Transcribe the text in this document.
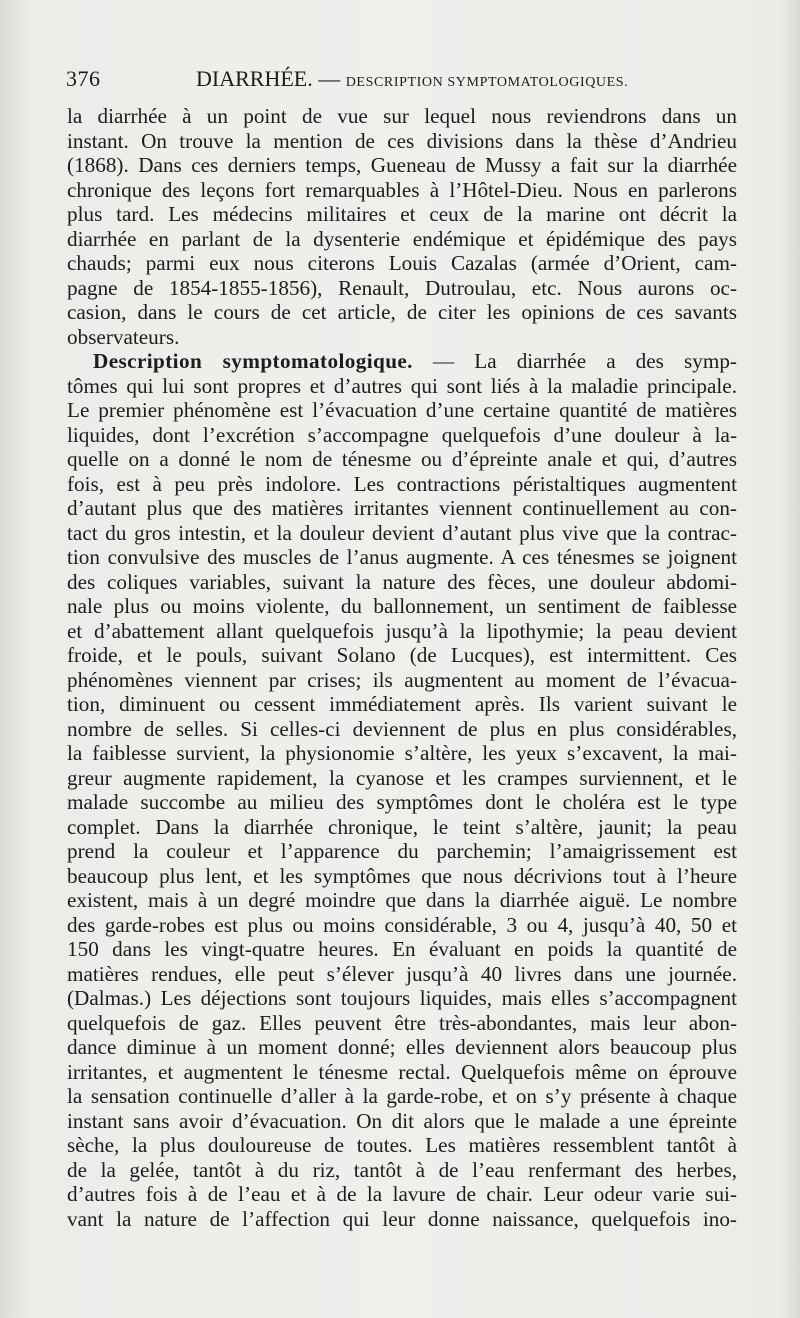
376	DIARRHÉE. — DESCRIPTION SYMPTOMATOLOGIQUES.
la diarrhée à un point de vue sur lequel nous reviendrons dans un
instant. On trouve la mention de ces divisions dans la thèse d’Andrieu
(1868). Dans ces derniers temps, Gueneau de Mussy a fait sur la diarrhée
chronique des leçons fort remarquables à l’Hôtel-Dieu. Nous en parlerons
plus tard. Les médecins militaires et ceux de la marine ont décrit la
diarrhée en parlant de la dysenterie endémique et épidémique des pays
chauds; parmi eux nous citerons Louis Cazalas (armée d’Orient, cam-
pagne de 1854-1855-1856), Renault, Dutroulau, etc. Nous aurons oc-
casion, dans le cours de cet article, de citer les opinions de ces savants
observateurs.
Description symptomatologique. — La diarrhée a des symp-
tômes qui lui sont propres et d’autres qui sont liés à la maladie principale.
Le premier phénomène est l’évacuation d’une certaine quantité de matières
liquides, dont l’excrétion s’accompagne quelquefois d’une douleur à la-
quelle on a donné le nom de ténesme ou d’épreinte anale et qui, d’autres
fois, est à peu près indolore. Les contractions péristaltiques augmentent
d’autant plus que des matières irritantes viennent continuellement au con-
tact du gros intestin, et la douleur devient d’autant plus vive que la contrac-
tion convulsive des muscles de l’anus augmente. A ces ténesmes se joignent
des coliques variables, suivant la nature des fèces, une douleur abdomi-
nale plus ou moins violente, du ballonnement, un sentiment de faiblesse
et d’abattement allant quelquefois jusqu’à la lipothymie; la peau devient
froide, et le pouls, suivant Solano (de Lucques), est intermittent. Ces
phénomènes viennent par crises; ils augmentent au moment de l’évacua-
tion, diminuent ou cessent immédiatement après. Ils varient suivant le
nombre de selles. Si celles-ci deviennent de plus en plus considérables,
la faiblesse survient, la physionomie s’altère, les yeux s’excavent, la mai-
greur augmente rapidement, la cyanose et les crampes surviennent, et le
malade succombe au milieu des symptômes dont le choléra est le type
complet. Dans la diarrhée chronique, le teint s’altère, jaunit; la peau
prend la couleur et l’apparence du parchemin; l’amaigrissement est
beaucoup plus lent, et les symptômes que nous décrivions tout à l’heure
existent, mais à un degré moindre que dans la diarrhée aiguë. Le nombre
des garde-robes est plus ou moins considérable, 3 ou 4, jusqu’à 40, 50 et
150 dans les vingt-quatre heures. En évaluant en poids la quantité de
matières rendues, elle peut s’élever jusqu’à 40 livres dans une journée.
(Dalmas.) Les déjections sont toujours liquides, mais elles s’accompagnent
quelquefois de gaz. Elles peuvent être très-abondantes, mais leur abon-
dance diminue à un moment donné; elles deviennent alors beaucoup plus
irritantes, et augmentent le ténesme rectal. Quelquefois même on éprouve
la sensation continuelle d’aller à la garde-robe, et on s’y présente à chaque
instant sans avoir d’évacuation. On dit alors que le malade a une épreinte
sèche, la plus douloureuse de toutes. Les matières ressemblent tantôt à
de la gelée, tantôt à du riz, tantôt à de l’eau renfermant des herbes,
d’autres fois à de l’eau et à de la lavure de chair. Leur odeur varie sui-
vant la nature de l’affection qui leur donne naissance, quelquefois ino-
